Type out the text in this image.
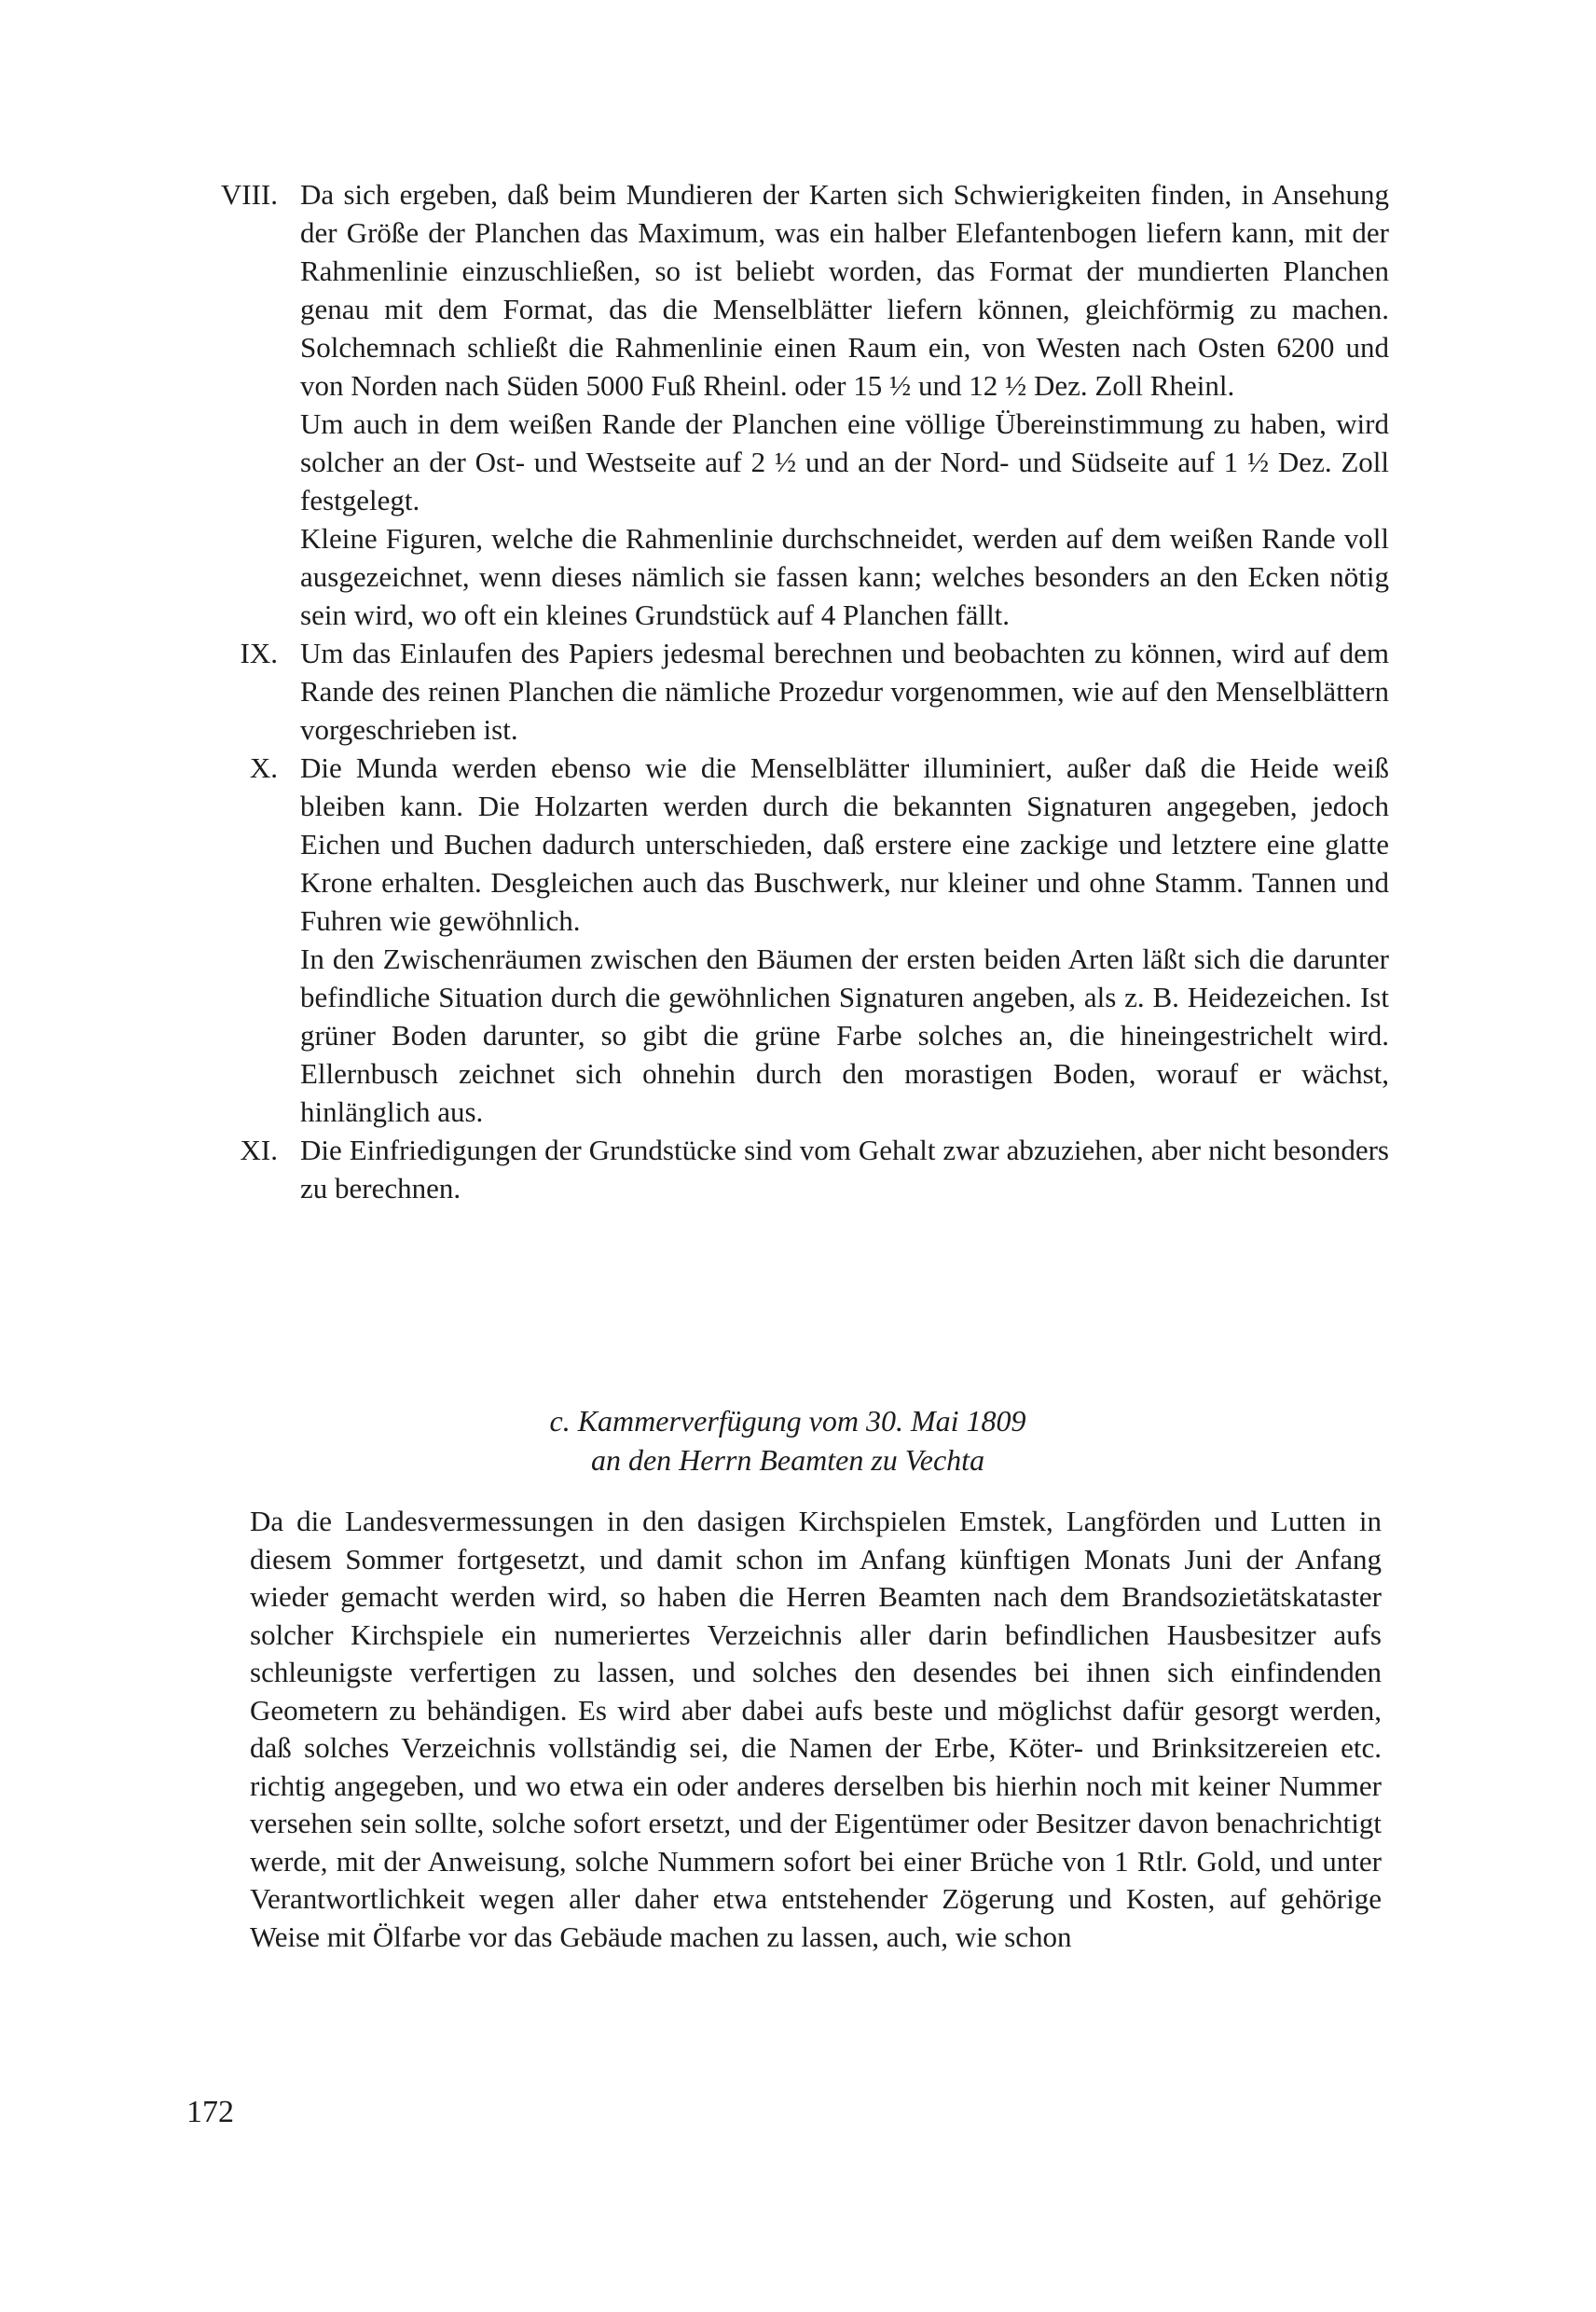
VIII. Da sich ergeben, daß beim Mundieren der Karten sich Schwierigkeiten finden, in Ansehung der Größe der Planchen das Maximum, was ein halber Elefantenbogen liefern kann, mit der Rahmenlinie einzuschließen, so ist beliebt worden, das Format der mundierten Planchen genau mit dem Format, das die Menselblätter liefern können, gleichförmig zu machen. Solchemnach schließt die Rahmenlinie einen Raum ein, von Westen nach Osten 6200 und von Norden nach Süden 5000 Fuß Rheinl. oder 15 ½ und 12 ½ Dez. Zoll Rheinl.

Um auch in dem weißen Rande der Planchen eine völlige Übereinstimmung zu haben, wird solcher an der Ost- und Westseite auf 2 ½ und an der Nord- und Südseite auf 1 ½ Dez. Zoll festgelegt.

Kleine Figuren, welche die Rahmenlinie durchschneidet, werden auf dem weißen Rande voll ausgezeichnet, wenn dieses nämlich sie fassen kann; welches besonders an den Ecken nötig sein wird, wo oft ein kleines Grundstück auf 4 Planchen fällt.

IX. Um das Einlaufen des Papiers jedesmal berechnen und beobachten zu können, wird auf dem Rande des reinen Planchen die nämliche Prozedur vorgenommen, wie auf den Menselblättern vorgeschrieben ist.

X. Die Munda werden ebenso wie die Menselblätter illuminiert, außer daß die Heide weiß bleiben kann. Die Holzarten werden durch die bekannten Signaturen angegeben, jedoch Eichen und Buchen dadurch unterschieden, daß erstere eine zackige und letztere eine glatte Krone erhalten. Desgleichen auch das Buschwerk, nur kleiner und ohne Stamm. Tannen und Fuhren wie gewöhnlich.

In den Zwischenräumen zwischen den Bäumen der ersten beiden Arten läßt sich die darunter befindliche Situation durch die gewöhnlichen Signaturen angeben, als z. B. Heidezeichen. Ist grüner Boden darunter, so gibt die grüne Farbe solches an, die hineingestrichelt wird. Ellernbusch zeichnet sich ohnehin durch den morastigen Boden, worauf er wächst, hinlänglich aus.

XI. Die Einfriedigungen der Grundstücke sind vom Gehalt zwar abzuziehen, aber nicht besonders zu berechnen.

c. Kammerverfügung vom 30. Mai 1809
an den Herrn Beamten zu Vechta

Da die Landesvermessungen in den dasigen Kirchspielen Emstek, Langförden und Lutten in diesem Sommer fortgesetzt, und damit schon im Anfang künftigen Monats Juni der Anfang wieder gemacht werden wird, so haben die Herren Beamten nach dem Brandsozietätskataster solcher Kirchspiele ein numeriertes Verzeichnis aller darin befindlichen Hausbesitzer aufs schleunigste verfertigen zu lassen, und solches den desendes bei ihnen sich einfindenden Geometern zu behändigen. Es wird aber dabei aufs beste und möglichst dafür gesorgt werden, daß solches Verzeichnis vollständig sei, die Namen der Erbe, Köter- und Brinksitzereien etc. richtig angegeben, und wo etwa ein oder anderes derselben bis hierhin noch mit keiner Nummer versehen sein sollte, solche sofort ersetzt, und der Eigentümer oder Besitzer davon benachrichtigt werde, mit der Anweisung, solche Nummern sofort bei einer Brüche von 1 Rtlr. Gold, und unter Verantwortlichkeit wegen aller daher etwa entstehender Zögerung und Kosten, auf gehörige Weise mit Ölfarbe vor das Gebäude machen zu lassen, auch, wie schon

172
